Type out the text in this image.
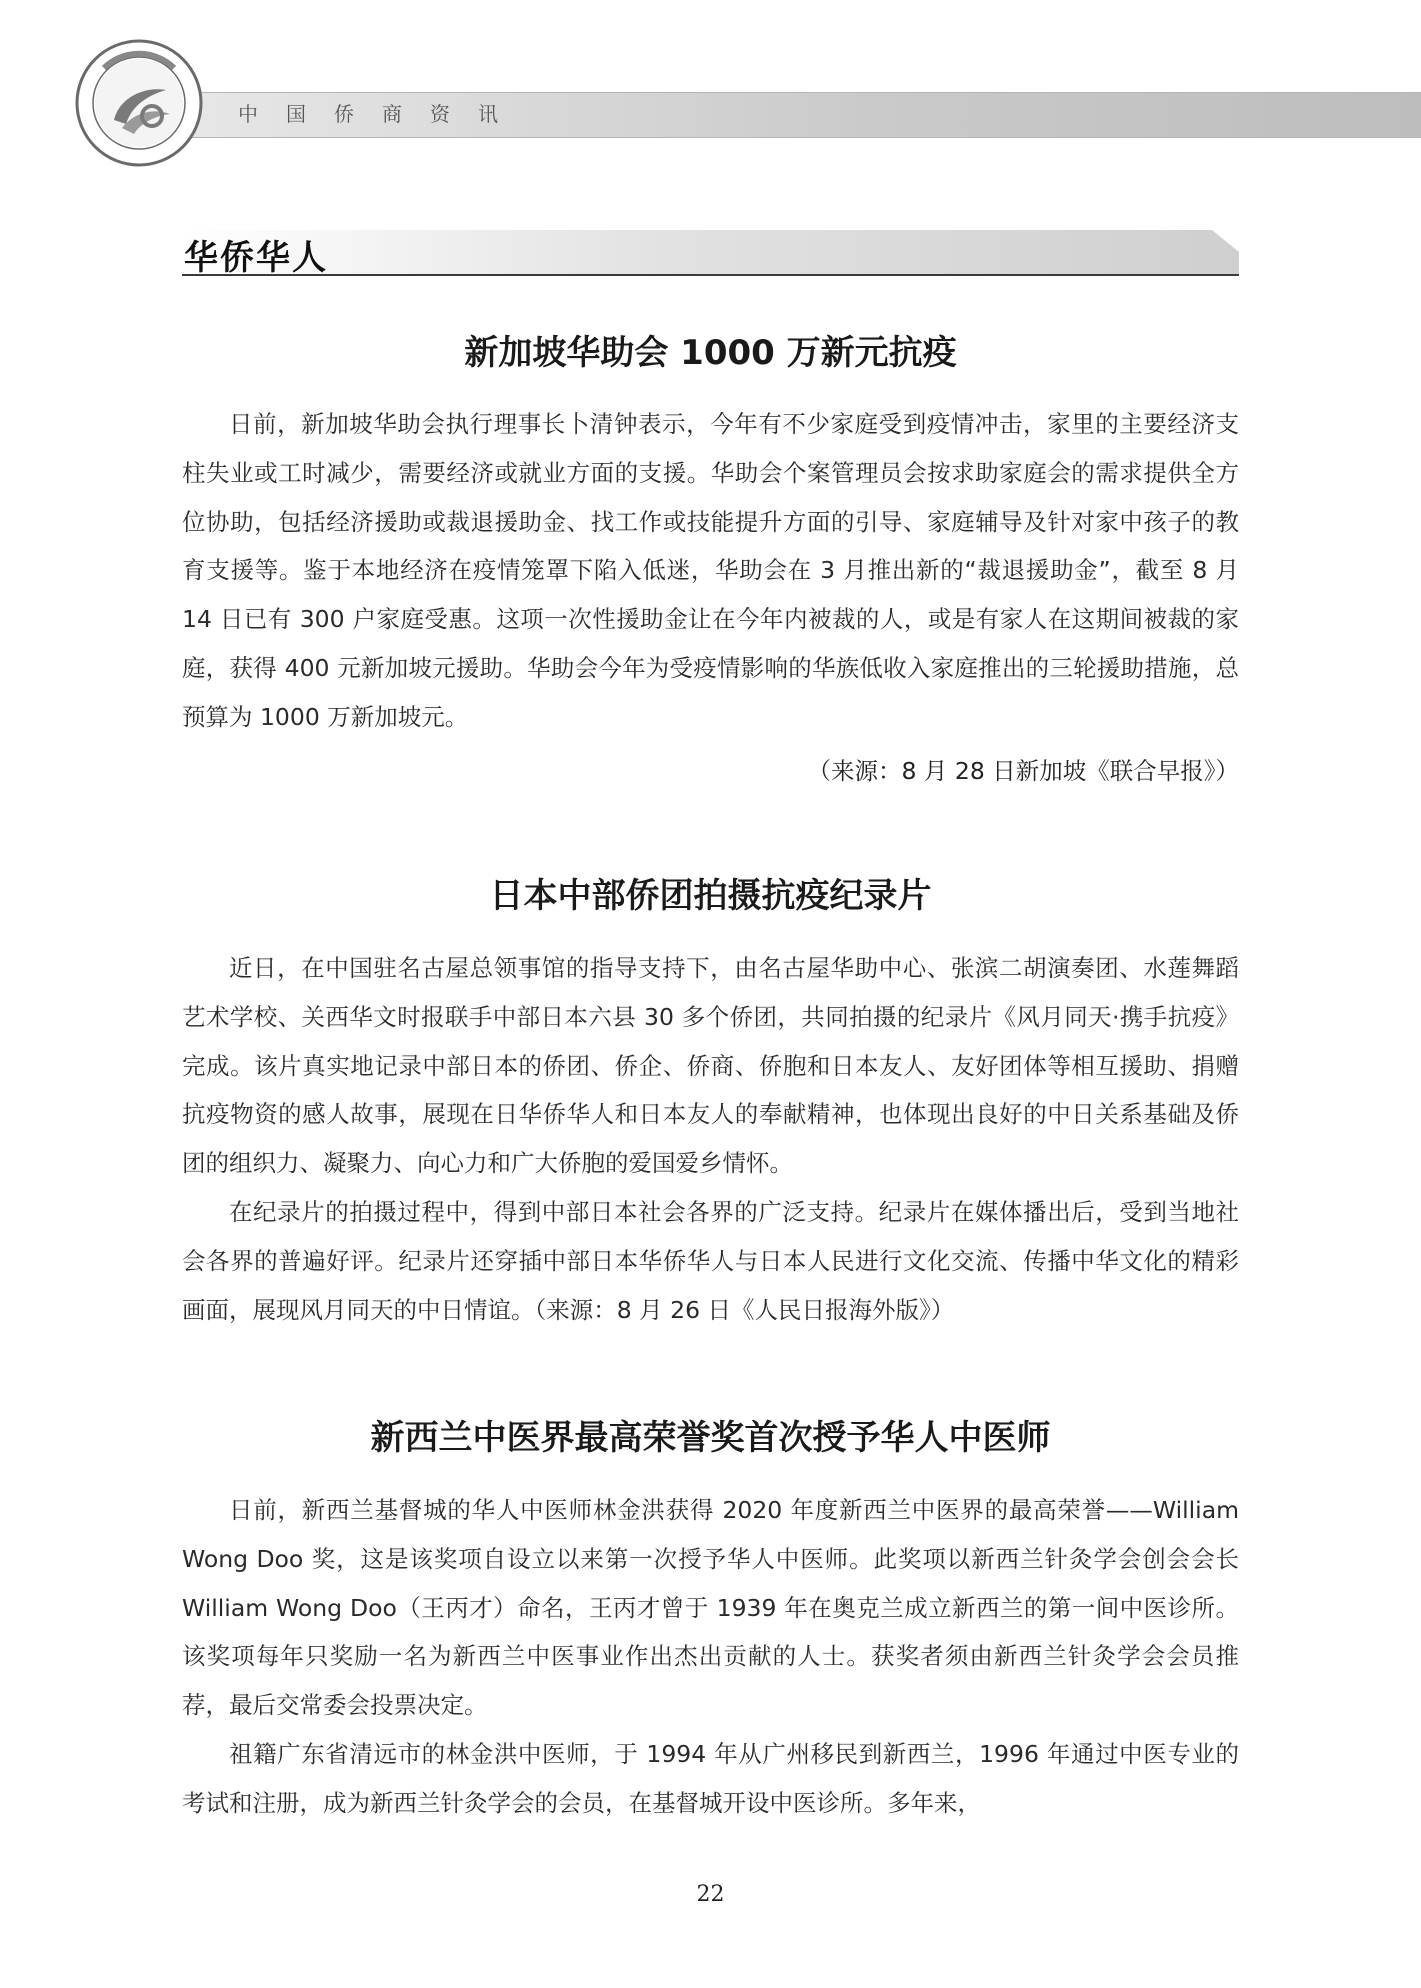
中国侨商资讯
华侨华人
新加坡华助会 1000 万新元抗疫

日前，新加坡华助会执行理事长卜清钟表示，今年有不少家庭受到疫情冲击，家里的主要经济支柱失业或工时减少，需要经济或就业方面的支援。华助会个案管理员会按求助家庭会的需求提供全方位协助，包括经济援助或裁退援助金、找工作或技能提升方面的引导、家庭辅导及针对家中孩子的教育支援等。鉴于本地经济在疫情笼罩下陷入低迷，华助会在 3 月推出新的“裁退援助金”，截至 8 月 14 日已有 300 户家庭受惠。这项一次性援助金让在今年内被裁的人，或是有家人在这期间被裁的家庭，获得 400 元新加坡元援助。华助会今年为受疫情影响的华族低收入家庭推出的三轮援助措施，总预算为 1000 万新加坡元。

（来源：8 月 28 日新加坡《联合早报》）
日本中部侨团拍摄抗疫纪录片

近日，在中国驻名古屋总领事馆的指导支持下，由名古屋华助中心、张滨二胡演奏团、水莲舞蹈艺术学校、关西华文时报联手中部日本六县 30 多个侨团，共同拍摄的纪录片《风月同天·携手抗疫》完成。该片真实地记录中部日本的侨团、侨企、侨商、侨胞和日本友人、友好团体等相互援助、捐赠抗疫物资的感人故事，展现在日华侨华人和日本友人的奉献精神，也体现出良好的中日关系基础及侨团的组织力、凝聚力、向心力和广大侨胞的爱国爱乡情怀。

在纪录片的拍摄过程中，得到中部日本社会各界的广泛支持。纪录片在媒体播出后，受到当地社会各界的普遍好评。纪录片还穿插中部日本华侨华人与日本人民进行文化交流、传播中华文化的精彩画面，展现风月同天的中日情谊。（来源：8 月 26 日《人民日报海外版》）

新西兰中医界最高荣誉奖首次授予华人中医师

日前，新西兰基督城的华人中医师林金洪获得 2020 年度新西兰中医界的最高荣誉——William Wong Doo 奖，这是该奖项自设立以来第一次授予华人中医师。此奖项以新西兰针灸学会创会会长 William Wong Doo（王丙才）命名，王丙才曾于 1939 年在奥克兰成立新西兰的第一间中医诊所。该奖项每年只奖励一名为新西兰中医事业作出杰出贡献的人士。获奖者须由新西兰针灸学会会员推荐，最后交常委会投票决定。

祖籍广东省清远市的林金洪中医师，于 1994 年从广州移民到新西兰，1996 年通过中医专业的考试和注册，成为新西兰针灸学会的会员，在基督城开设中医诊所。多年来，

22
